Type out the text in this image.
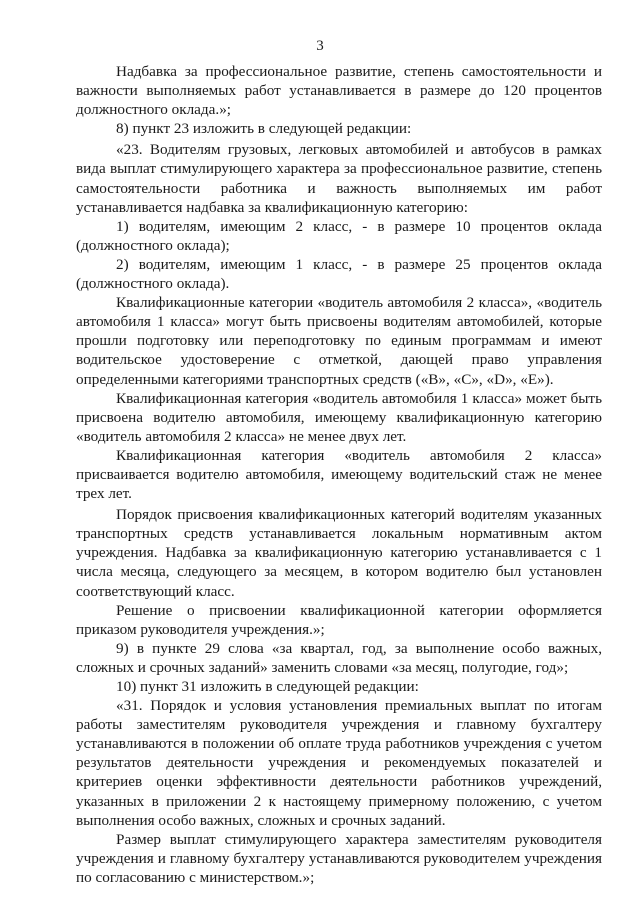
3

Надбавка за профессиональное развитие, степень самостоятельности и важности выполняемых работ устанавливается в размере до 120 процентов должностного оклада.»;

8) пункт 23 изложить в следующей редакции:

«23. Водителям грузовых, легковых автомобилей и автобусов в рамках вида выплат стимулирующего характера за профессиональное развитие, степень самостоятельности работника и важность выполняемых им работ устанавливается надбавка за квалификационную категорию:

1) водителям, имеющим 2 класс, - в размере 10 процентов оклада (должностного оклада);

2) водителям, имеющим 1 класс, - в размере 25 процентов оклада (должностного оклада).

Квалификационные категории «водитель автомобиля 2 класса», «водитель автомобиля 1 класса» могут быть присвоены водителям автомобилей, которые прошли подготовку или переподготовку по единым программам и имеют водительское удостоверение с отметкой, дающей право управления определенными категориями транспортных средств («B», «C», «D», «E»).

Квалификационная категория «водитель автомобиля 1 класса» может быть присвоена водителю автомобиля, имеющему квалификационную категорию «водитель автомобиля 2 класса» не менее двух лет.

Квалификационная категория «водитель автомобиля 2 класса» присваивается водителю автомобиля, имеющему водительский стаж не менее трех лет.

Порядок присвоения квалификационных категорий водителям указанных транспортных средств устанавливается локальным нормативным актом учреждения. Надбавка за квалификационную категорию устанавливается с 1 числа месяца, следующего за месяцем, в котором водителю был установлен соответствующий класс.

Решение о присвоении квалификационной категории оформляется приказом руководителя учреждения.»;

9) в пункте 29 слова «за квартал, год, за выполнение особо важных, сложных и срочных заданий» заменить словами «за месяц, полугодие, год»;

10) пункт 31 изложить в следующей редакции:

«31. Порядок и условия установления премиальных выплат по итогам работы заместителям руководителя учреждения и главному бухгалтеру устанавливаются в положении об оплате труда работников учреждения с учетом результатов деятельности учреждения и рекомендуемых показателей и критериев оценки эффективности деятельности работников учреждений, указанных в приложении 2 к настоящему примерному положению, с учетом выполнения особо важных, сложных и срочных заданий.

Размер выплат стимулирующего характера заместителям руководителя учреждения и главному бухгалтеру устанавливаются руководителем учреждения по согласованию с министерством.»;
